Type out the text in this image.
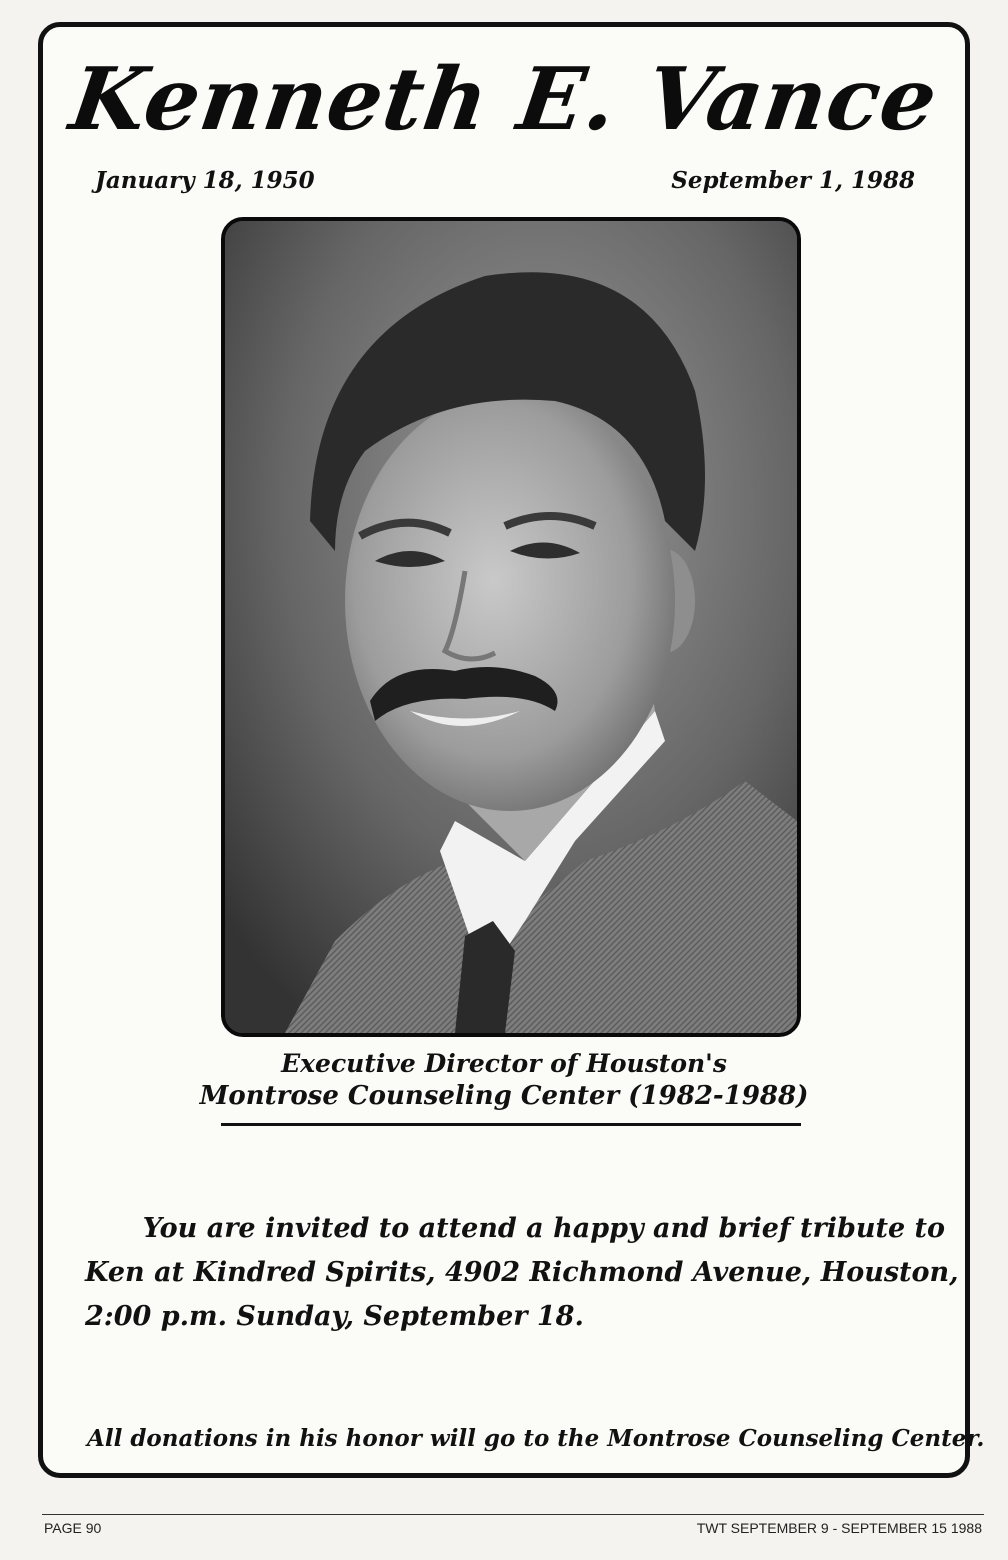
Kenneth E. Vance
January 18, 1950	September 1, 1988
Executive Director of Houston's
Montrose Counseling Center (1982-1988)
You are invited to attend a happy and brief tribute to
Ken at Kindred Spirits, 4902 Richmond Avenue, Houston,
2:00 p.m. Sunday, September 18.
All donations in his honor will go to the Montrose Counseling Center.
PAGE 90	TWT SEPTEMBER 9 - SEPTEMBER 15 1988
